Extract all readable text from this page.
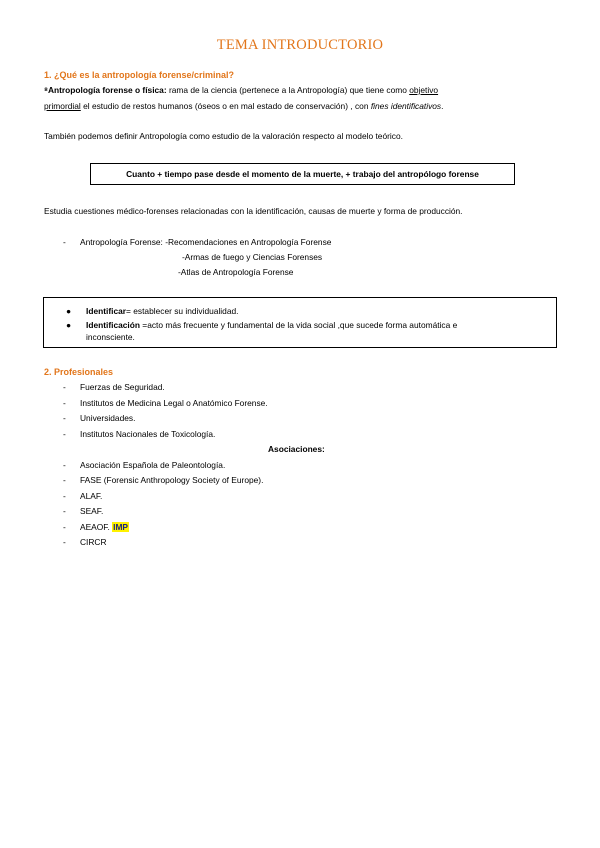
TEMA INTRODUCTORIO
1. ¿Qué es la antropología forense/criminal?
⁸Antropología forense o física: rama de la ciencia (pertenece a la Antropología) que tiene como objetivo
primordial el estudio de restos humanos (óseos o en mal estado de conservación) , con fines identificativos.
También podemos definir Antropología como estudio de la valoración respecto al modelo teórico.
Cuanto + tiempo pase desde el momento de la muerte, + trabajo del antropólogo forense
Estudia cuestiones médico-forenses relacionadas con la identificación, causas de muerte y forma de producción.
- Antropología Forense: -Recomendaciones en Antropología Forense
-Armas de fuego y Ciencias Forenses
-Atlas de Antropología Forense
● Identificar= establecer su individualidad.
● Identificación =acto más frecuente y fundamental de la vida social ,que sucede forma automática e
inconsciente.
2. Profesionales
- Fuerzas de Seguridad.
- Institutos de Medicina Legal o Anatómico Forense.
- Universidades.
- Institutos Nacionales de Toxicología.
Asociaciones:
- Asociación Española de Paleontología.
- FASE (Forensic Anthropology Society of Europe).
- ALAF.
- SEAF.
- AEAOF. IMP
- CIRCR
